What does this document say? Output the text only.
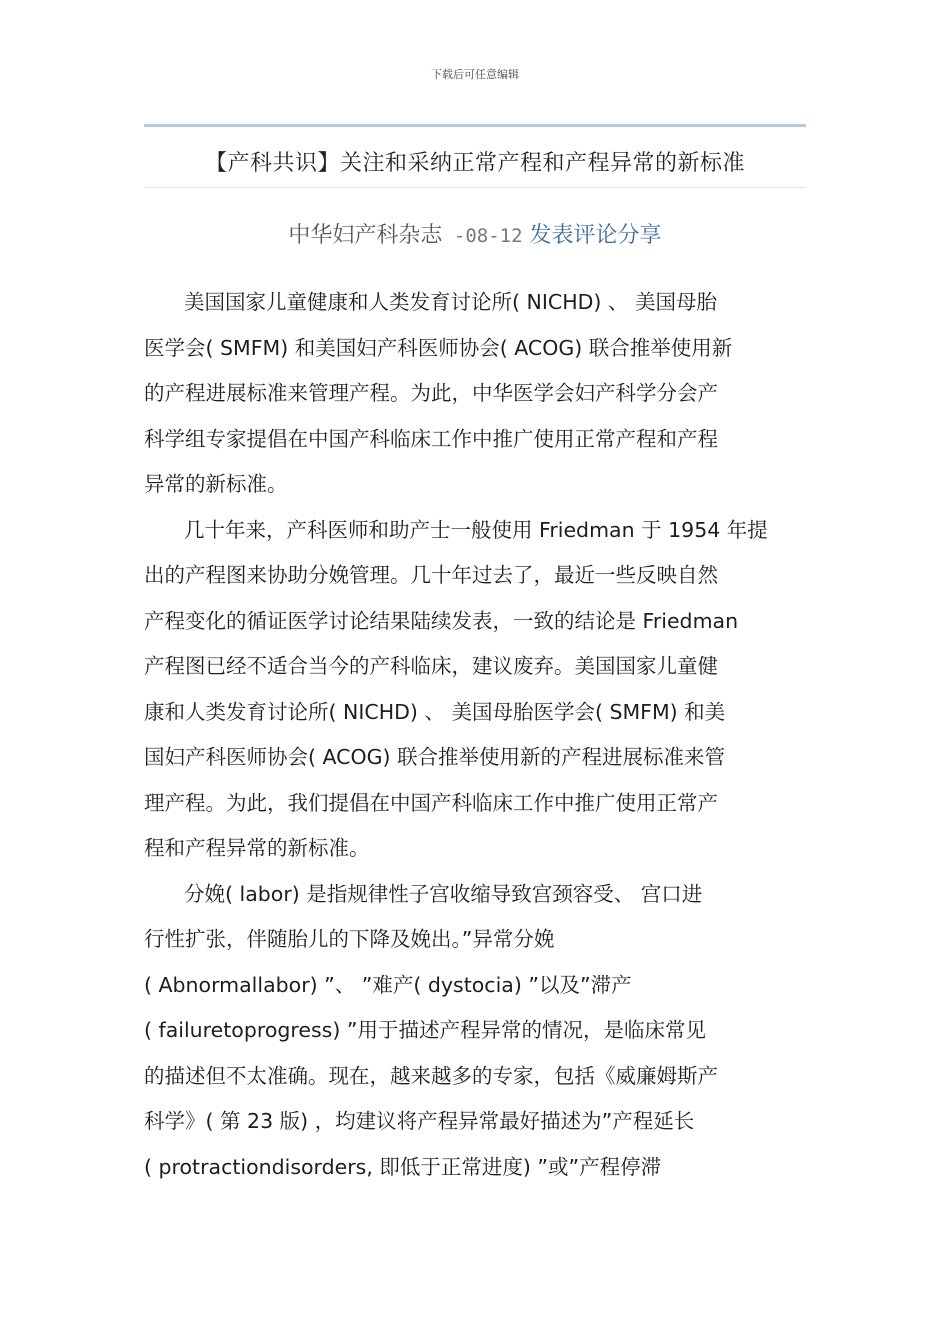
下载后可任意编辑
【产科共识】关注和采纳正常产程和产程异常的新标准
中华妇产科杂志 -08-12 发表评论分享
美国国家儿童健康和人类发育讨论所( NICHD) 、 美国母胎
医学会( SMFM) 和美国妇产科医师协会( ACOG) 联合推举使用新
的产程进展标准来管理产程。为此，中华医学会妇产科学分会产
科学组专家提倡在中国产科临床工作中推广使用正常产程和产程
异常的新标准。
几十年来，产科医师和助产士一般使用 Friedman 于 1954 年提
出的产程图来协助分娩管理。几十年过去了，最近一些反映自然
产程变化的循证医学讨论结果陆续发表，一致的结论是 Friedman
产程图已经不适合当今的产科临床，建议废弃。美国国家儿童健
康和人类发育讨论所( NICHD) 、 美国母胎医学会( SMFM) 和美
国妇产科医师协会( ACOG) 联合推举使用新的产程进展标准来管
理产程。为此，我们提倡在中国产科临床工作中推广使用正常产
程和产程异常的新标准。
分娩( labor) 是指规律性子宫收缩导致宫颈容受、 宫口进
行性扩张，伴随胎儿的下降及娩出。”异常分娩
( Abnormallabor) ”、 ”难产( dystocia) ”以及”滞产
( failuretoprogress) ”用于描述产程异常的情况，是临床常见
的描述但不太准确。现在，越来越多的专家，包括《威廉姆斯产
科学》( 第 23 版) ，均建议将产程异常最好描述为”产程延长
( protractiondisorders, 即低于正常进度) ”或”产程停滞
